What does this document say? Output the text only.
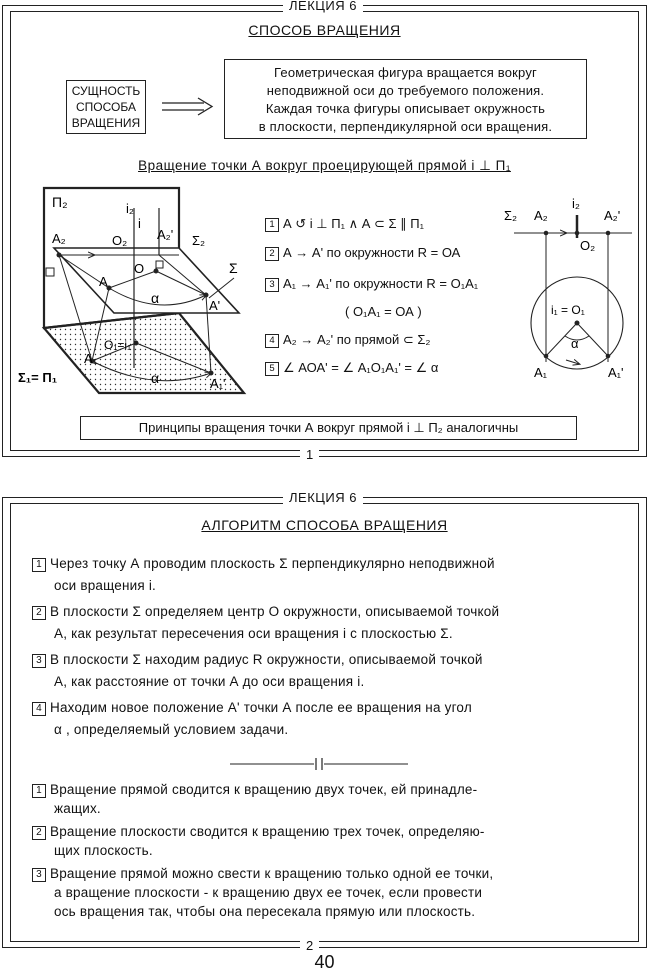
ЛЕКЦИЯ 6
СПОСОБ ВРАЩЕНИЯ
СУЩНОСТЬ СПОСОБА ВРАЩЕНИЯ
Геометрическая фигура вращается вокруг
неподвижной оси до требуемого положения.
Каждая точка фигуры описывает окружность
в плоскости, перпендикулярной оси вращения.
Вращение точки А вокруг проецирующей прямой i ⊥ П₁
П₂	i₂
i
А₂	О₂ А₂' Σ₂
О
А
А'
α
Σ
О₁=i₁
А₁
α	А₁'
Σ₁= П₁
1 А ↺ i ⊥ П₁ ∧ А ⊂ Σ ∥ П₁
2 А → А' по окружности R = ОА
3 А₁ → А₁' по окружности R = О₁А₁
( О₁А₁ = ОА )
4 А₂ → А₂' по прямой ⊂ Σ₂
5 ∠ АОА' = ∠ А₁О₁А₁' = ∠ α
Σ₂ А₂
i₂
А₂'
О₂
i₁ = О₁
α
А₁	А₁'
Принципы вращения точки А вокруг прямой i ⊥ П₂ аналогичны
1
ЛЕКЦИЯ 6
АЛГОРИТМ СПОСОБА ВРАЩЕНИЯ
1 Через точку А проводим плоскость Σ перпендикулярно неподвижной
оси вращения i.
2 В плоскости Σ определяем центр О окружности, описываемой точкой
А, как результат пересечения оси вращения i с плоскостью Σ.
3 В плоскости Σ находим радиус R окружности, описываемой точкой
А, как расстояние от точки А до оси вращения i.
4 Находим новое положение А' точки А после ее вращения на угол
α , определяемый условием задачи.
1 Вращение прямой сводится к вращению двух точек, ей принадле-
жащих.
2 Вращение плоскости сводится к вращению трех точек, определяю-
щих плоскость.
3 Вращение прямой можно свести к вращению только одной ее точки,
а вращение плоскости - к вращению двух ее точек, если провести
ось вращения так, чтобы она пересекала прямую или плоскость.
2
40
